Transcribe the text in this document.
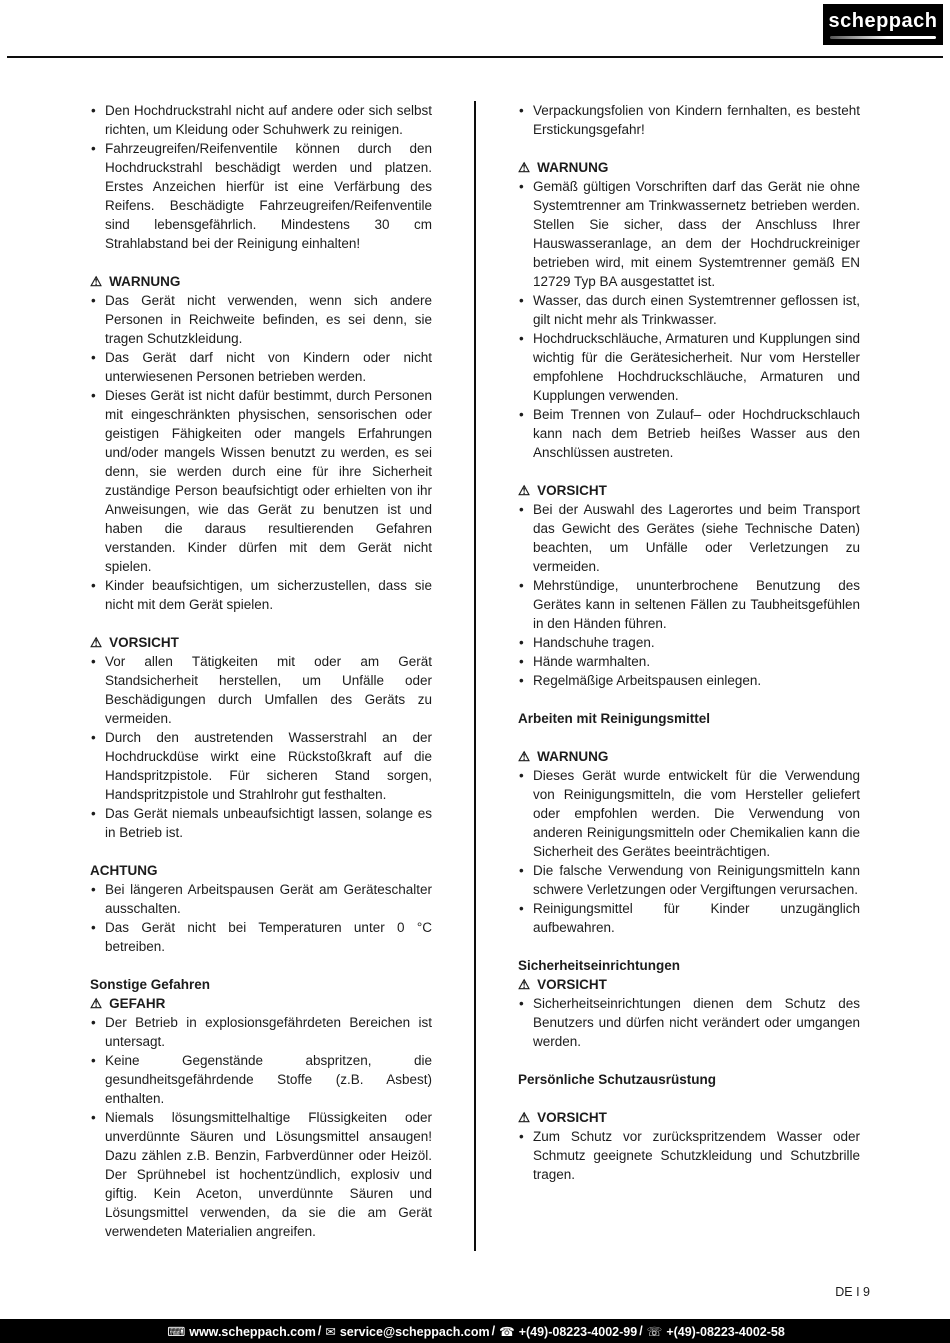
scheppach
• Den Hochdruckstrahl nicht auf andere oder sich selbst richten, um Kleidung oder Schuhwerk zu reinigen.
• Fahrzeugreifen/Reifenventile können durch den Hochdruckstrahl beschädigt werden und platzen. Erstes Anzeichen hierfür ist eine Verfärbung des Reifens. Beschädigte Fahrzeugreifen/Reifenventile sind lebensgefährlich. Mindestens 30 cm Strahlabstand bei der Reinigung einhalten!
⚠ WARNUNG
• Das Gerät nicht verwenden, wenn sich andere Personen in Reichweite befinden, es sei denn, sie tragen Schutzkleidung.
• Das Gerät darf nicht von Kindern oder nicht unterwiesenen Personen betrieben werden.
• Dieses Gerät ist nicht dafür bestimmt, durch Personen mit eingeschränkten physischen, sensorischen oder geistigen Fähigkeiten oder mangels Erfahrungen und/oder mangels Wissen benutzt zu werden, es sei denn, sie werden durch eine für ihre Sicherheit zuständige Person beaufsichtigt oder erhielten von ihr Anweisungen, wie das Gerät zu benutzen ist und haben die daraus resultierenden Gefahren verstanden. Kinder dürfen mit dem Gerät nicht spielen.
• Kinder beaufsichtigen, um sicherzustellen, dass sie nicht mit dem Gerät spielen.
⚠ VORSICHT
• Vor allen Tätigkeiten mit oder am Gerät Standsicherheit herstellen, um Unfälle oder Beschädigungen durch Umfallen des Geräts zu vermeiden.
• Durch den austretenden Wasserstrahl an der Hochdruckdüse wirkt eine Rückstoßkraft auf die Handspritzpistole. Für sicheren Stand sorgen, Handspritzpistole und Strahlrohr gut festhalten.
• Das Gerät niemals unbeaufsichtigt lassen, solange es in Betrieb ist.
ACHTUNG
• Bei längeren Arbeitspausen Gerät am Geräteschalter ausschalten.
• Das Gerät nicht bei Temperaturen unter 0 °C betreiben.
Sonstige Gefahren
⚠ GEFAHR
• Der Betrieb in explosionsgefährdeten Bereichen ist untersagt.
• Keine Gegenstände abspritzen, die gesundheitsgefährdende Stoffe (z.B. Asbest) enthalten.
• Niemals lösungsmittelhaltige Flüssigkeiten oder unverdünnte Säuren und Lösungsmittel ansaugen! Dazu zählen z.B. Benzin, Farbverdünner oder Heizöl. Der Sprühnebel ist hochentzündlich, explosiv und giftig. Kein Aceton, unverdünnte Säuren und Lösungsmittel verwenden, da sie die am Gerät verwendeten Materialien angreifen.
• Verpackungsfolien von Kindern fernhalten, es besteht Erstickungsgefahr!
⚠ WARNUNG
• Gemäß gültigen Vorschriften darf das Gerät nie ohne Systemtrenner am Trinkwassernetz betrieben werden. Stellen Sie sicher, dass der Anschluss Ihrer Hauswasseranlage, an dem der Hochdruckreiniger betrieben wird, mit einem Systemtrenner gemäß EN 12729 Typ BA ausgestattet ist.
• Wasser, das durch einen Systemtrenner geflossen ist, gilt nicht mehr als Trinkwasser.
• Hochdruckschläuche, Armaturen und Kupplungen sind wichtig für die Gerätesicherheit. Nur vom Hersteller empfohlene Hochdruckschläuche, Armaturen und Kupplungen verwenden.
• Beim Trennen von Zulauf– oder Hochdruckschlauch kann nach dem Betrieb heißes Wasser aus den Anschlüssen austreten.
⚠ VORSICHT
• Bei der Auswahl des Lagerortes und beim Transport das Gewicht des Gerätes (siehe Technische Daten) beachten, um Unfälle oder Verletzungen zu vermeiden.
• Mehrstündige, ununterbrochene Benutzung des Gerätes kann in seltenen Fällen zu Taubheitsgefühlen in den Händen führen.
• Handschuhe tragen.
• Hände warmhalten.
• Regelmäßige Arbeitspausen einlegen.
Arbeiten mit Reinigungsmittel
⚠ WARNUNG
• Dieses Gerät wurde entwickelt für die Verwendung von Reinigungsmitteln, die vom Hersteller geliefert oder empfohlen werden. Die Verwendung von anderen Reinigungsmitteln oder Chemikalien kann die Sicherheit des Gerätes beeinträchtigen.
• Die falsche Verwendung von Reinigungsmitteln kann schwere Verletzungen oder Vergiftungen verursachen.
• Reinigungsmittel für Kinder unzugänglich aufbewahren.
Sicherheitseinrichtungen
⚠ VORSICHT
• Sicherheitseinrichtungen dienen dem Schutz des Benutzers und dürfen nicht verändert oder umgangen werden.
Persönliche Schutzausrüstung
⚠ VORSICHT
• Zum Schutz vor zurückspritzendem Wasser oder Schmutz geeignete Schutzkleidung und Schutzbrille tragen.
DE I 9
⌨ www.scheppach.com / ✉ service@scheppach.com / ☎ +(49)-08223-4002-99 / ☏ +(49)-08223-4002-58
